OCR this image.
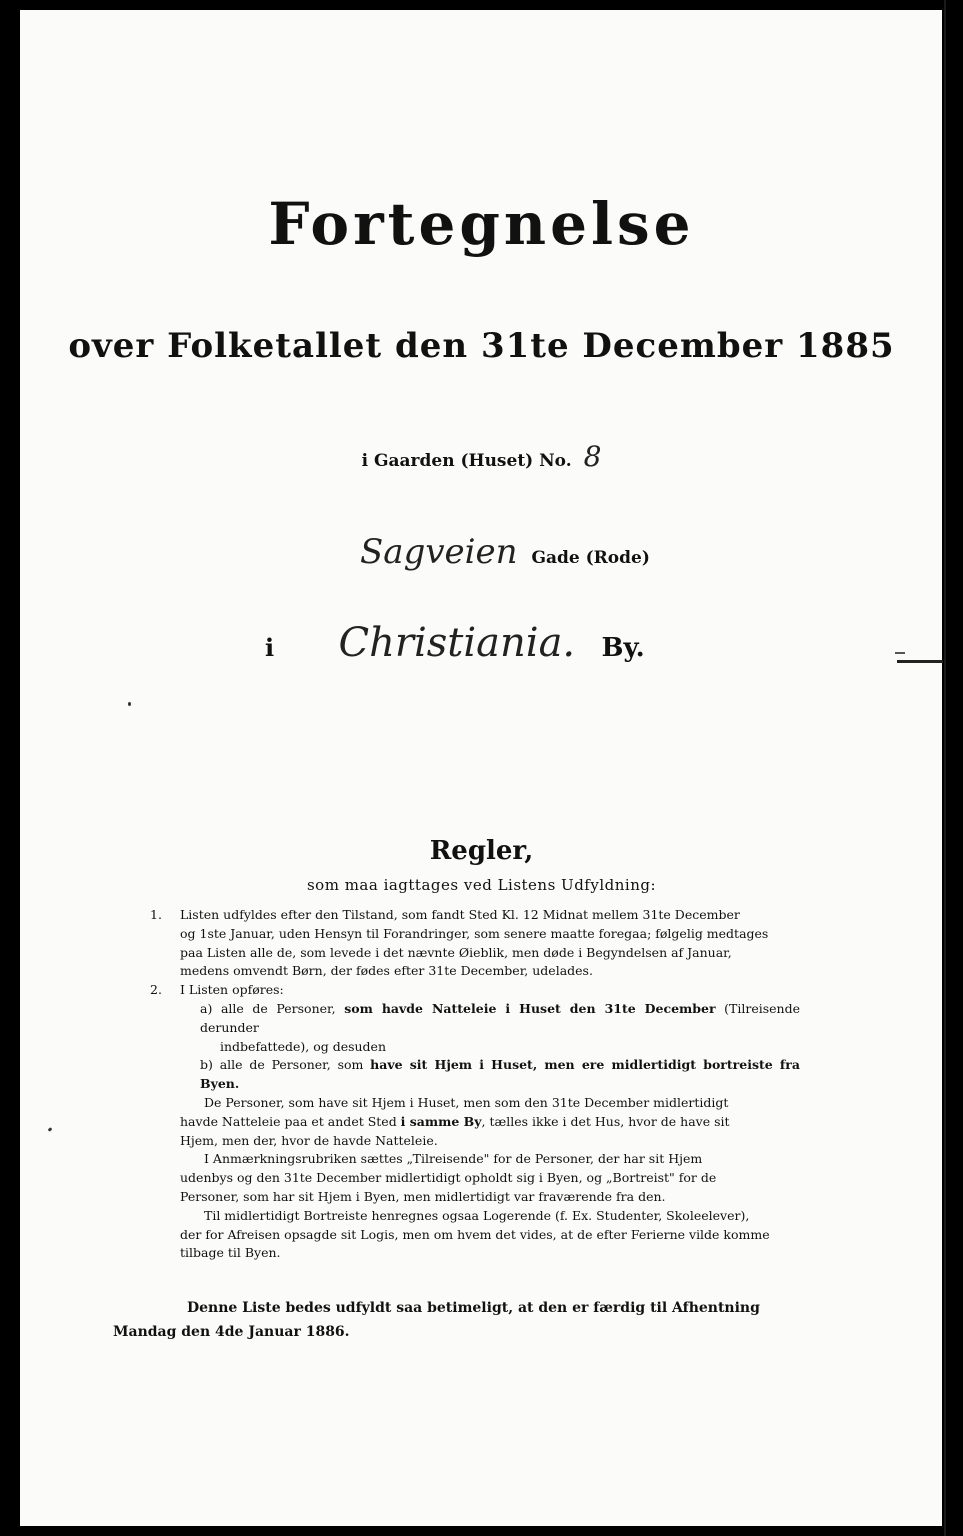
Fortegnelse
over Folketallet den 31te December 1885
i Gaarden (Huset) No. 8
Sagveien Gade (Rode)
i Christiania. By.
Regler,
som maa iagttages ved Listens Udfyldning:

1. Listen udfyldes efter den Tilstand, som fandt Sted Kl. 12 Midnat mellem 31te December

og 1ste Januar, uden Hensyn til Forandringer, som senere maatte foregaa; følgelig medtages

paa Listen alle de, som levede i det nævnte Øieblik, men døde i Begyndelsen af Januar,

medens omvendt Børn, der fødes efter 31te December, udelades.

2. I Listen opføres:

a) alle de Personer, som havde Natteleie i Huset den 31te December (Tilreisende derunder

indbefattede), og desuden

b) alle de Personer, som have sit Hjem i Huset, men ere midlertidigt bortreiste fra Byen.

De Personer, som have sit Hjem i Huset, men som den 31te December midlertidigt

havde Natteleie paa et andet Sted i samme By, tælles ikke i det Hus, hvor de have sit

Hjem, men der, hvor de havde Natteleie.

I Anmærkningsrubriken sættes „Tilreisende" for de Personer, der har sit Hjem

udenbys og den 31te December midlertidigt opholdt sig i Byen, og „Bortreist" for de

Personer, som har sit Hjem i Byen, men midlertidigt var fraværende fra den.

Til midlertidigt Bortreiste henregnes ogsaa Logerende (f. Ex. Studenter, Skoleelever),

der for Afreisen opsagde sit Logis, men om hvem det vides, at de efter Ferierne vilde komme

tilbage til Byen.

Denne Liste bedes udfyldt saa betimeligt, at den er færdig til Afhentning

Mandag den 4de Januar 1886.
